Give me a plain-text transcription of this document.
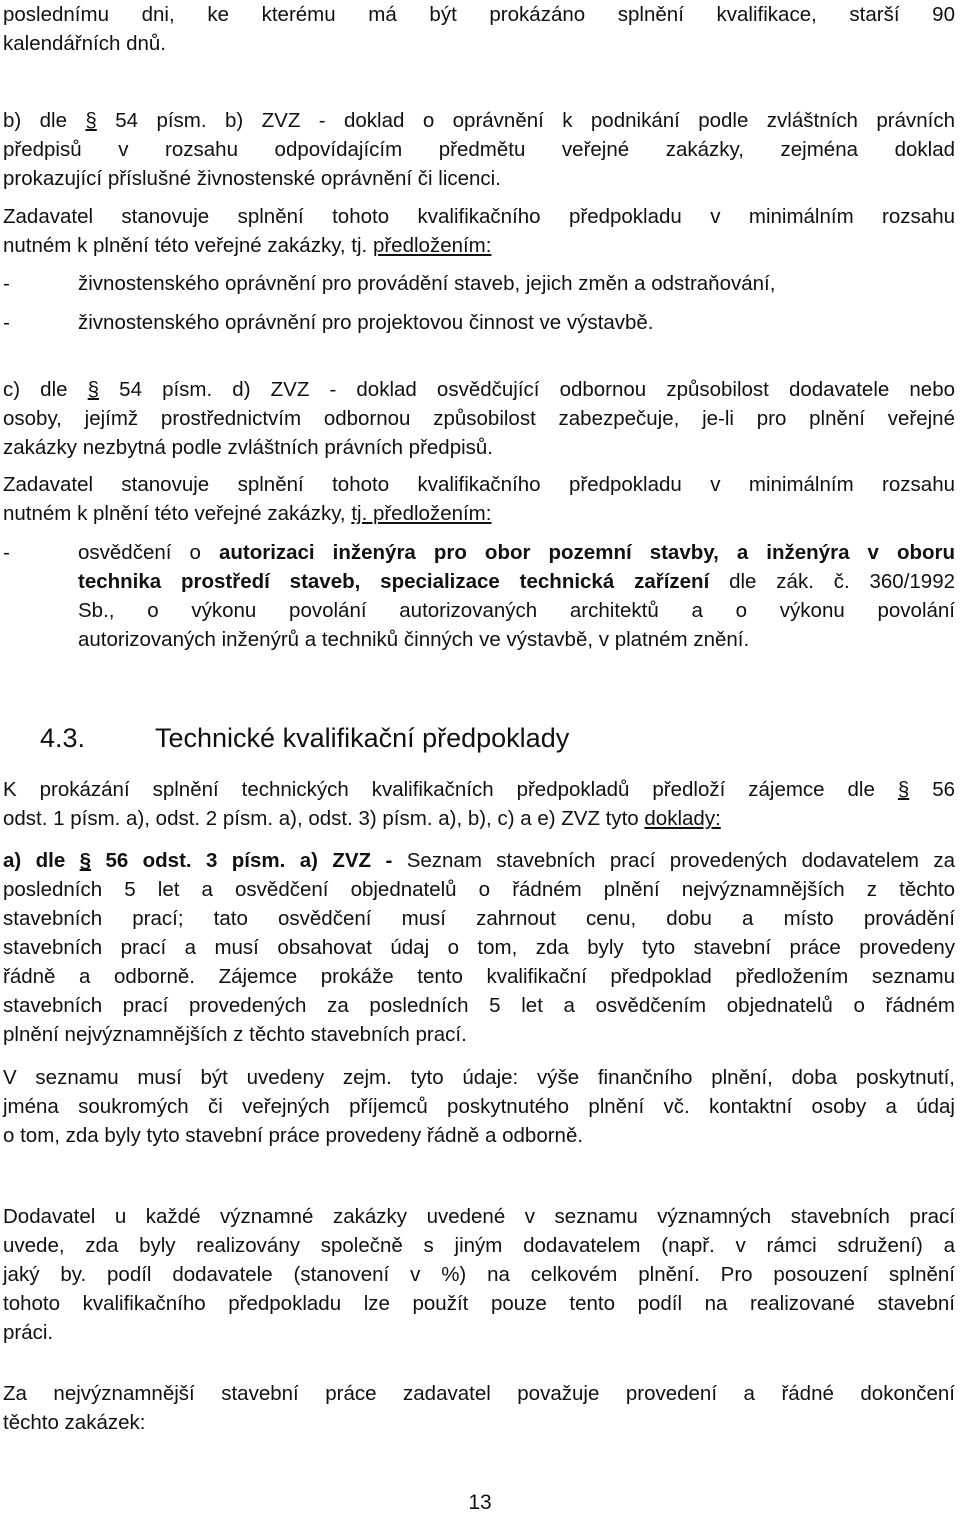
poslednímu dni, ke kterému má být prokázáno splnění kvalifikace, starší 90

kalendářních dnů.

b) dle § 54 písm. b) ZVZ - doklad o oprávnění k podnikání podle zvláštních právních

předpisů v rozsahu odpovídajícím předmětu veřejné zakázky, zejména doklad

prokazující příslušné živnostenské oprávnění či licenci.

Zadavatel stanovuje splnění tohoto kvalifikačního předpokladu v minimálním rozsahu

nutném k plnění této veřejné zakázky, tj. předložením:

-	živnostenského oprávnění pro provádění staveb, jejich změn a odstraňování,
-	živnostenského oprávnění pro projektovou činnost ve výstavbě.

c) dle § 54 písm. d) ZVZ - doklad osvědčující odbornou způsobilost dodavatele nebo

osoby, jejímž prostřednictvím odbornou způsobilost zabezpečuje, je-li pro plnění veřejné

zakázky nezbytná podle zvláštních právních předpisů.

Zadavatel stanovuje splnění tohoto kvalifikačního předpokladu v minimálním rozsahu

nutném k plnění této veřejné zakázky, tj. předložením:

-	osvědčení o autorizaci inženýra pro obor pozemní stavby, a inženýra v oboru

technika prostředí staveb, specializace technická zařízení dle zák. č. 360/1992

Sb., o výkonu povolání autorizovaných architektů a o výkonu povolání

autorizovaných inženýrů a techniků činných ve výstavbě, v platném znění.

4.3.	Technické kvalifikační předpoklady

K prokázání splnění technických kvalifikačních předpokladů předloží zájemce dle § 56

odst. 1 písm. a), odst. 2 písm. a), odst. 3) písm. a), b), c) a e) ZVZ tyto doklady:

a) dle § 56 odst. 3 písm. a) ZVZ - Seznam stavebních prací provedených dodavatelem za

posledních 5 let a osvědčení objednatelů o řádném plnění nejvýznamnějších z těchto

stavebních prací; tato osvědčení musí zahrnout cenu, dobu a místo provádění

stavebních prací a musí obsahovat údaj o tom, zda byly tyto stavební práce provedeny

řádně a odborně. Zájemce prokáže tento kvalifikační předpoklad předložením seznamu

stavebních prací provedených za posledních 5 let a osvědčením objednatelů o řádném

plnění nejvýznamnějších z těchto stavebních prací.

V seznamu musí být uvedeny zejm. tyto údaje: výše finančního plnění, doba poskytnutí,

jména soukromých či veřejných příjemců poskytnutého plnění vč. kontaktní osoby a údaj

o tom, zda byly tyto stavební práce provedeny řádně a odborně.

Dodavatel u každé významné zakázky uvedené v seznamu významných stavebních prací

uvede, zda byly realizovány společně s jiným dodavatelem (např. v rámci sdružení) a

jaký by. podíl dodavatele (stanovení v %) na celkovém plnění. Pro posouzení splnění

tohoto kvalifikačního předpokladu lze použít pouze tento podíl na realizované stavební

práci.

Za nejvýznamnější stavební práce zadavatel považuje provedení a řádné dokončení

těchto zakázek:

13
